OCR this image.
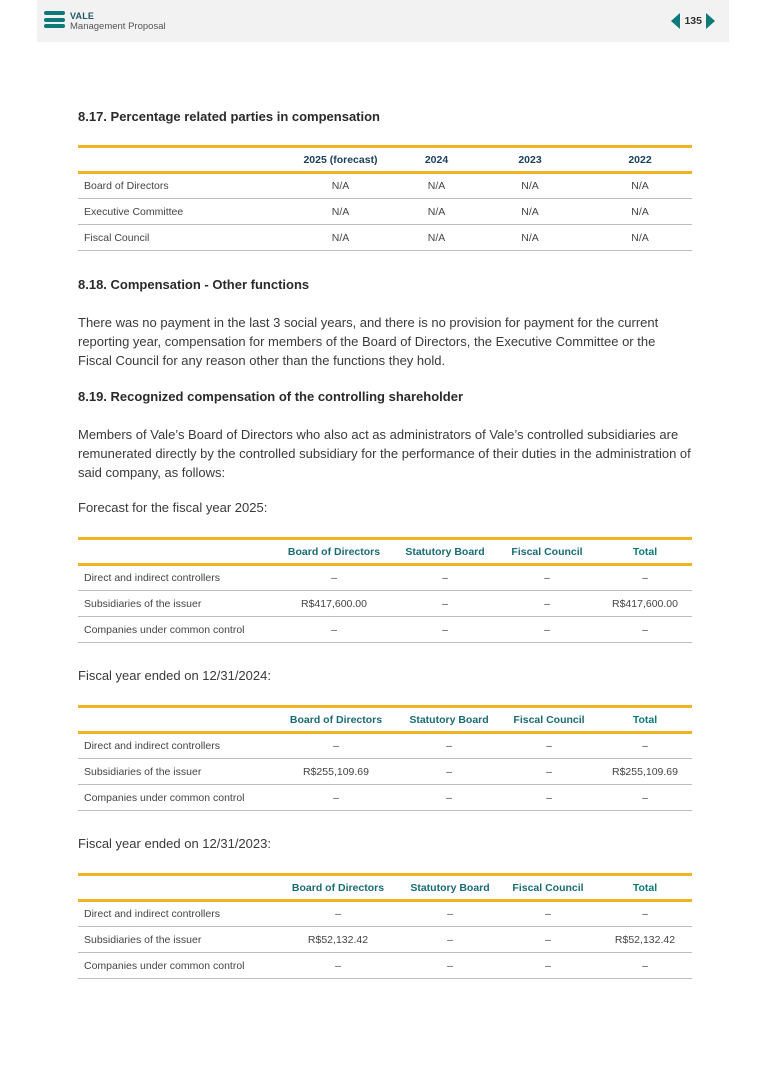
VALE
Management Proposal	135
8.17. Percentage related parties in compensation
	2025 (forecast)	2024	2023	2022
Board of Directors	N/A	N/A	N/A	N/A
Executive Committee	N/A	N/A	N/A	N/A
Fiscal Council	N/A	N/A	N/A	N/A
8.18. Compensation - Other functions

There was no payment in the last 3 social years, and there is no provision for payment for the current reporting year, compensation for members of the Board of Directors, the Executive Committee or the Fiscal Council for any reason other than the functions they hold.

8.19. Recognized compensation of the controlling shareholder

Members of Vale’s Board of Directors who also act as administrators of Vale’s controlled subsidiaries are remunerated directly by the controlled subsidiary for the performance of their duties in the administration of said company, as follows:

Forecast for the fiscal year 2025:

	Board of Directors	Statutory Board	Fiscal Council	Total
Direct and indirect controllers	–	–	–	–
Subsidiaries of the issuer	R$417,600.00	–	–	R$417,600.00
Companies under common control	–	–	–	–

Fiscal year ended on 12/31/2024:

	Board of Directors	Statutory Board	Fiscal Council	Total
Direct and indirect controllers	–	–	–	–
Subsidiaries of the issuer	R$255,109.69	–	–	R$255,109.69
Companies under common control	–	–	–	–

Fiscal year ended on 12/31/2023:

	Board of Directors	Statutory Board	Fiscal Council	Total
Direct and indirect controllers	–	–	–	–
Subsidiaries of the issuer	R$52,132.42	–	–	R$52,132.42
Companies under common control	–	–	–	–
